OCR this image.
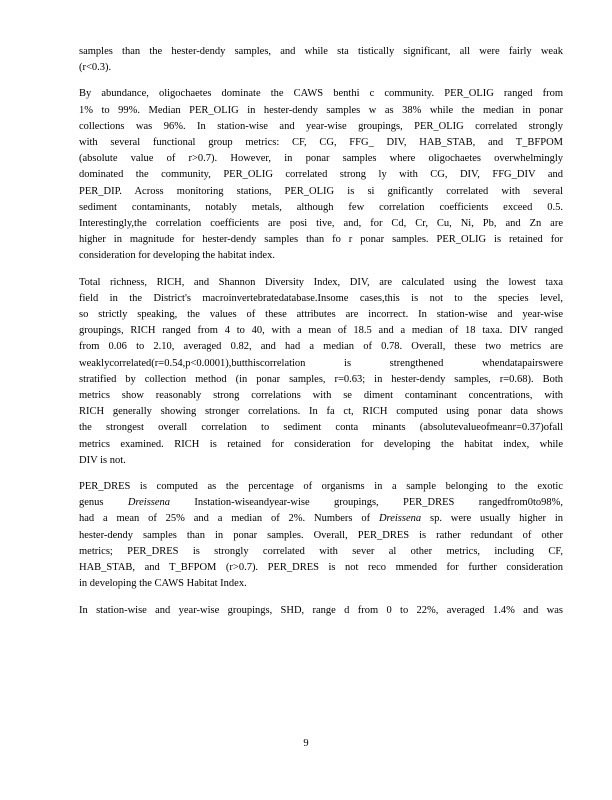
samples than the hester-dendy samples, and while sta tistically significant, all were fairly weak
(r<0.3).
By abundance, oligochaetes dominate the CAWS benthi c community. PER_OLIG ranged from
1% to 99%. Median PER_OLIG in hester-dendy samples w as 38% while the median in ponar
collections was 96%. In station-wise and year-wise groupings, PER_OLIG correlated strongly
with several functional group metrics: CF, CG, FFG_ DIV, HAB_STAB, and T_BFPOM
(absolute value of r>0.7). However, in ponar samples where oligochaetes overwhelmingly
dominated the community, PER_OLIG correlated strong ly with CG, DIV, FFG_DIV and
PER_DIP. Across monitoring stations, PER_OLIG is si gnificantly correlated with several
sediment contaminants, notably metals, although few correlation coefficients exceed 0.5.
Interestingly,the correlation coefficients are posi tive, and, for Cd, Cr, Cu, Ni, Pb, and Zn are
higher in magnitude for hester-dendy samples than fo r ponar samples. PER_OLIG is retained for
consideration for developing the habitat index.
Total richness, RICH, and Shannon Diversity Index, DIV, are calculated using the lowest taxa
field in the District's macroinvertebratedatabase.Insome cases,this is not to the species level,
so strictly speaking, the values of these attributes are incorrect. In station-wise and year-wise
groupings, RICH ranged from 4 to 40, with a mean of 18.5 and a median of 18 taxa. DIV ranged
from 0.06 to 2.10, averaged 0.82, and had a median of 0.78. Overall, these two metrics are
weaklycorrelated(r=0.54,p<0.0001),butthiscorrelation is strengthened whendatapairswere
stratified by collection method (in ponar samples, r=0.63; in hester-dendy samples, r=0.68). Both
metrics show reasonably strong correlations with se diment contaminant concentrations, with
RICH generally showing stronger correlations. In fa ct, RICH computed using ponar data shows
the strongest overall correlation to sediment conta minants (absolutevalueofmeanr=0.37)ofall
metrics examined. RICH is retained for consideration for developing the habitat index, while
DIV is not.
PER_DRES is computed as the percentage of organisms in a sample belonging to the exotic
genus Dreissena Instation-wiseandyear-wise groupings, PER_DRES rangedfrom0to98%,
had a mean of 25% and a median of 2%. Numbers of Dreissena sp. were usually higher in
hester-dendy samples than in ponar samples. Overall, PER_DRES is rather redundant of other
metrics; PER_DRES is strongly correlated with sever al other metrics, including CF,
HAB_STAB, and T_BFPOM (r>0.7). PER_DRES is not reco mmended for further consideration
in developing the CAWS Habitat Index.
In station-wise and year-wise groupings, SHD, range d from 0 to 22%, averaged 1.4% and was
9
